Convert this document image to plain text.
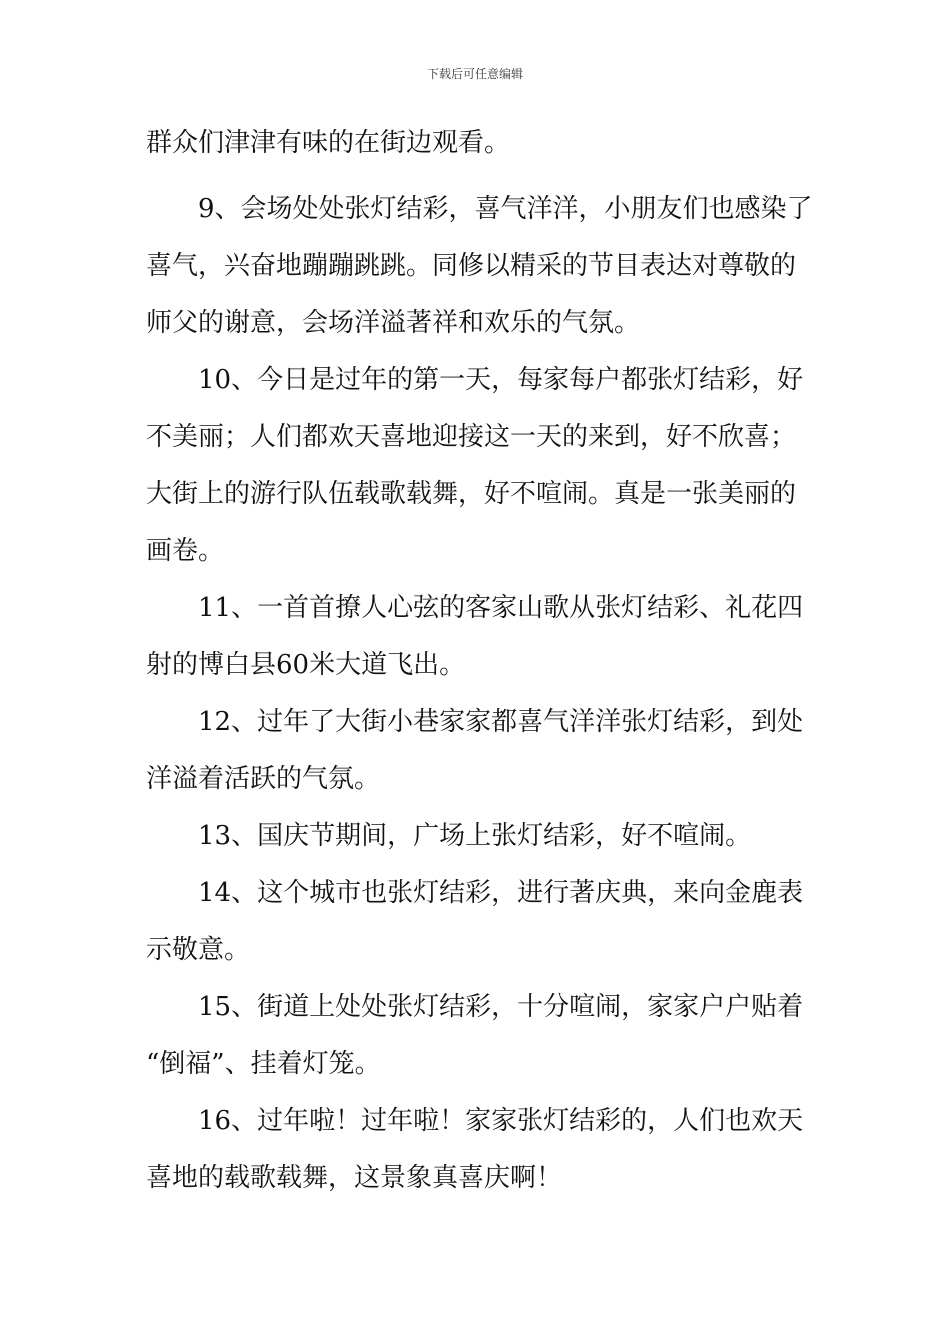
下载后可任意编辑
群众们津津有味的在街边观看。
9、会场处处张灯结彩，喜气洋洋，小朋友们也感染了
喜气，兴奋地蹦蹦跳跳。同修以精采的节目表达对尊敬的
师父的谢意，会场洋溢著祥和欢乐的气氛。
10、今日是过年的第一天，每家每户都张灯结彩，好
不美丽；人们都欢天喜地迎接这一天的来到，好不欣喜；
大街上的游行队伍载歌载舞，好不喧闹。真是一张美丽的
画卷。
11、一首首撩人心弦的客家山歌从张灯结彩、礼花四
射的博白县60米大道飞出。
12、过年了大街小巷家家都喜气洋洋张灯结彩，到处
洋溢着活跃的气氛。
13、国庆节期间，广场上张灯结彩，好不喧闹。
14、这个城市也张灯结彩，进行著庆典，来向金鹿表
示敬意。
15、街道上处处张灯结彩，十分喧闹，家家户户贴着
“倒福”、挂着灯笼。
16、过年啦！过年啦！家家张灯结彩的，人们也欢天
喜地的载歌载舞，这景象真喜庆啊！
